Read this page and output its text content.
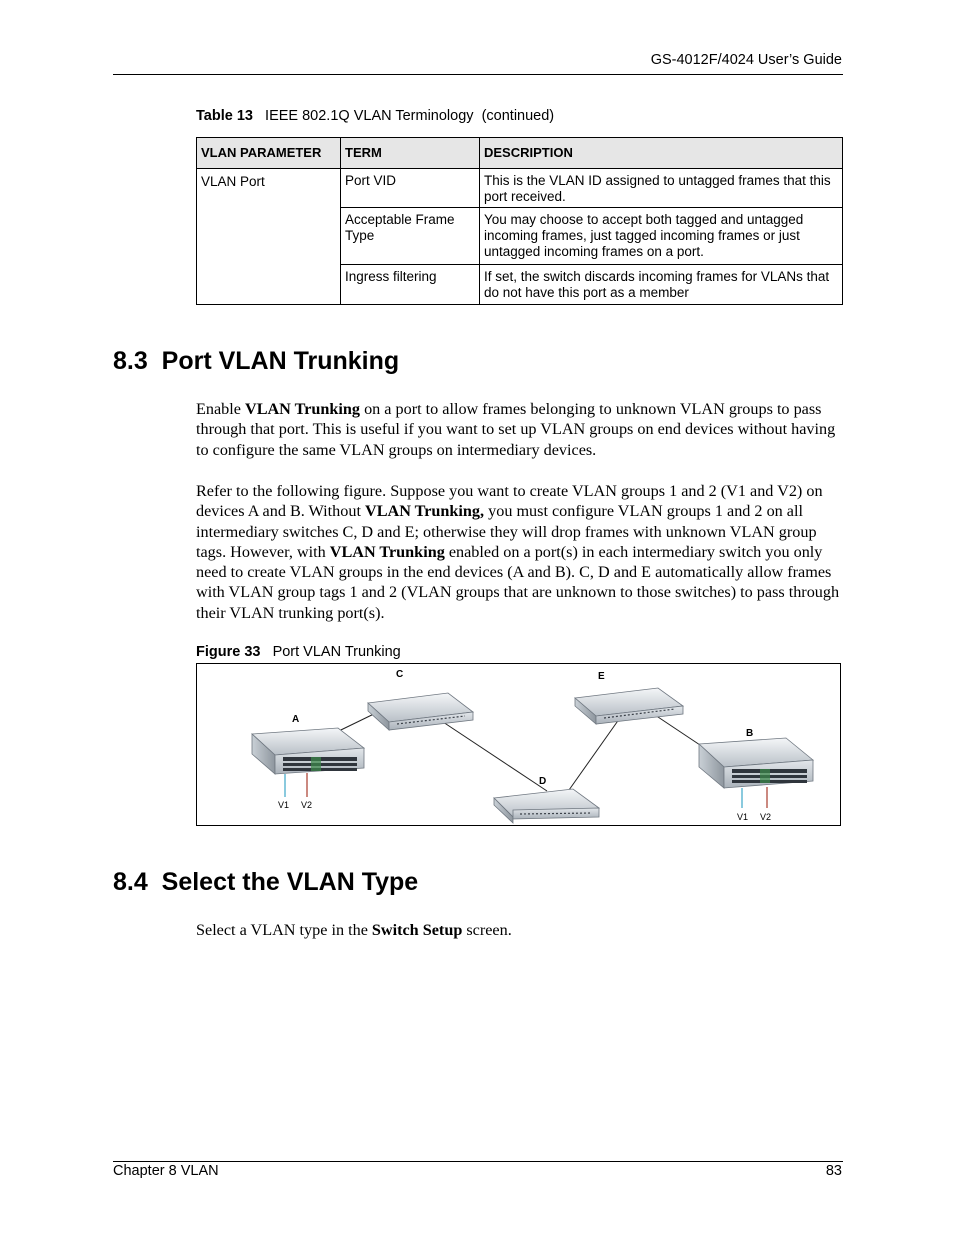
GS-4012F/4024 User’s Guide
Table 13 IEEE 802.1Q VLAN Terminology  (continued)
VLAN PARAMETER	TERM	DESCRIPTION
VLAN Port	Port VID	This is the VLAN ID assigned to untagged frames that this port received.
	Acceptable Frame Type	You may choose to accept both tagged and untagged incoming frames, just tagged incoming frames or just untagged incoming frames on a port.
	Ingress filtering	If set, the switch discards incoming frames for VLANs that do not have this port as a member
8.3  Port VLAN Trunking

Enable VLAN Trunking on a port to allow frames belonging to unknown VLAN groups to pass through that port. This is useful if you want to set up VLAN groups on end devices without having to configure the same VLAN groups on intermediary devices.

Refer to the following figure. Suppose you want to create VLAN groups 1 and 2 (V1 and V2) on devices A and B. Without VLAN Trunking, you must configure VLAN groups 1 and 2 on all intermediary switches C, D and E; otherwise they will drop frames with unknown VLAN group tags. However, with VLAN Trunking enabled on a port(s) in each intermediary switch you only need to create VLAN groups in the end devices (A and B). C, D and E automatically allow frames with VLAN group tags 1 and 2 (VLAN groups that are unknown to those switches) to pass through their VLAN trunking port(s).

Figure 33 Port VLAN Trunking
C	E
A
B
D
V1 V2
V1 V2
8.4  Select the VLAN Type

Select a VLAN type in the Switch Setup screen.

Chapter 8 VLAN	83
